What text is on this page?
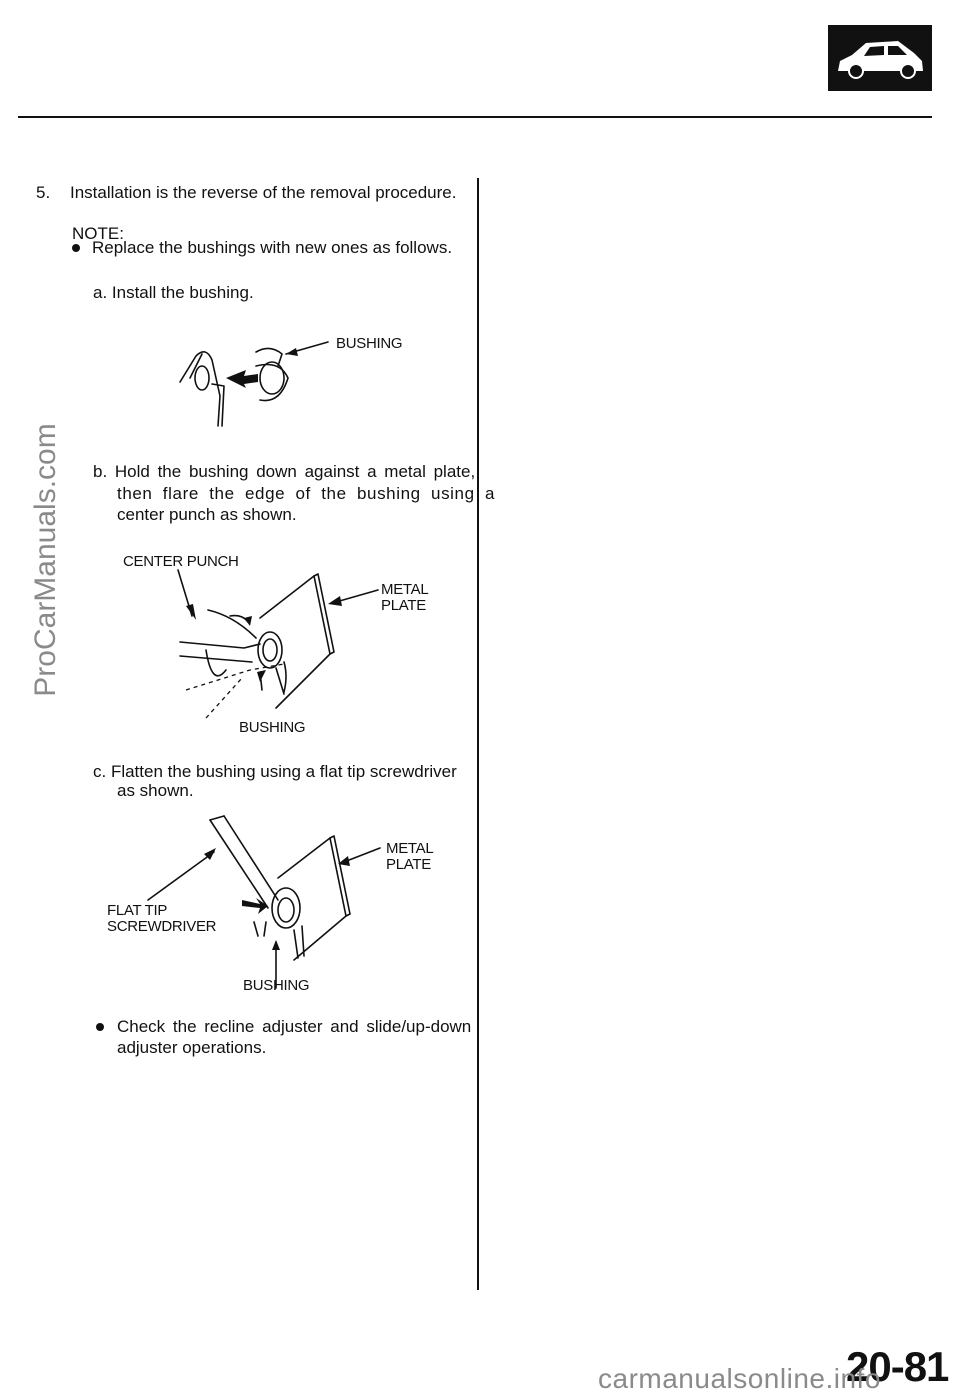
ProCarManuals.com
5. Installation is the reverse of the removal procedure.
NOTE:
Replace the bushings with new ones as follows.
a. Install the bushing.
BUSHING
b. Hold the bushing down against a metal plate,
then flare the edge of the bushing using a
center punch as shown.
CENTER PUNCH
METAL
PLATE
BUSHING
c. Flatten the bushing using a flat tip screwdriver
as shown.
METAL
PLATE
FLAT TIP
SCREWDRIVER
BUSHING
Check the recline adjuster and slide/up-down
adjuster operations.
20-81
carmanualsonline.info
